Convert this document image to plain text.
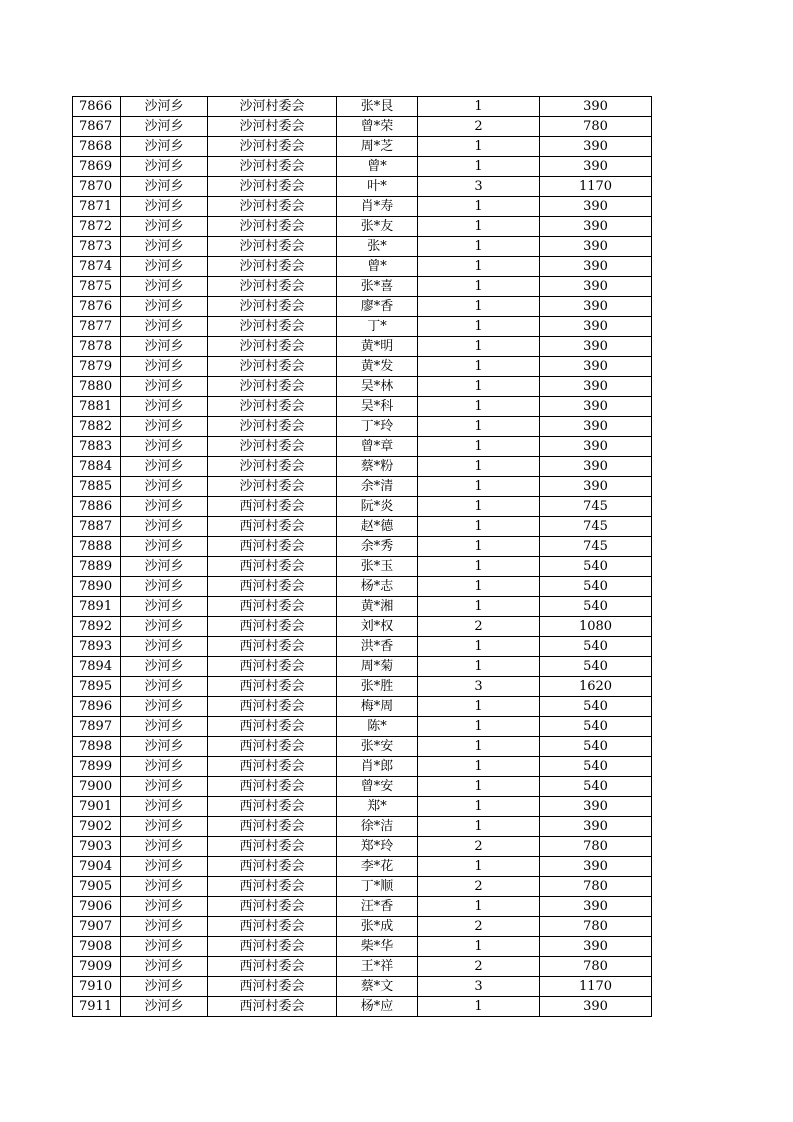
7866	沙河乡	沙河村委会	张*艮	1	390
7867	沙河乡	沙河村委会	曾*荣	2	780
7868	沙河乡	沙河村委会	周*芝	1	390
7869	沙河乡	沙河村委会	曾*	1	390
7870	沙河乡	沙河村委会	叶*	3	1170
7871	沙河乡	沙河村委会	肖*寿	1	390
7872	沙河乡	沙河村委会	张*友	1	390
7873	沙河乡	沙河村委会	张*	1	390
7874	沙河乡	沙河村委会	曾*	1	390
7875	沙河乡	沙河村委会	张*喜	1	390
7876	沙河乡	沙河村委会	廖*香	1	390
7877	沙河乡	沙河村委会	丁*	1	390
7878	沙河乡	沙河村委会	黄*明	1	390
7879	沙河乡	沙河村委会	黄*发	1	390
7880	沙河乡	沙河村委会	吴*林	1	390
7881	沙河乡	沙河村委会	吴*科	1	390
7882	沙河乡	沙河村委会	丁*玲	1	390
7883	沙河乡	沙河村委会	曾*章	1	390
7884	沙河乡	沙河村委会	蔡*粉	1	390
7885	沙河乡	沙河村委会	余*清	1	390
7886	沙河乡	西河村委会	阮*炎	1	745
7887	沙河乡	西河村委会	赵*德	1	745
7888	沙河乡	西河村委会	余*秀	1	745
7889	沙河乡	西河村委会	张*玉	1	540
7890	沙河乡	西河村委会	杨*志	1	540
7891	沙河乡	西河村委会	黄*湘	1	540
7892	沙河乡	西河村委会	刘*权	2	1080
7893	沙河乡	西河村委会	洪*香	1	540
7894	沙河乡	西河村委会	周*菊	1	540
7895	沙河乡	西河村委会	张*胜	3	1620
7896	沙河乡	西河村委会	梅*周	1	540
7897	沙河乡	西河村委会	陈*	1	540
7898	沙河乡	西河村委会	张*安	1	540
7899	沙河乡	西河村委会	肖*郎	1	540
7900	沙河乡	西河村委会	曾*安	1	540
7901	沙河乡	西河村委会	郑*	1	390
7902	沙河乡	西河村委会	徐*洁	1	390
7903	沙河乡	西河村委会	郑*玲	2	780
7904	沙河乡	西河村委会	李*花	1	390
7905	沙河乡	西河村委会	丁*顺	2	780
7906	沙河乡	西河村委会	汪*香	1	390
7907	沙河乡	西河村委会	张*成	2	780
7908	沙河乡	西河村委会	柴*华	1	390
7909	沙河乡	西河村委会	王*祥	2	780
7910	沙河乡	西河村委会	蔡*文	3	1170
7911	沙河乡	西河村委会	杨*应	1	390
